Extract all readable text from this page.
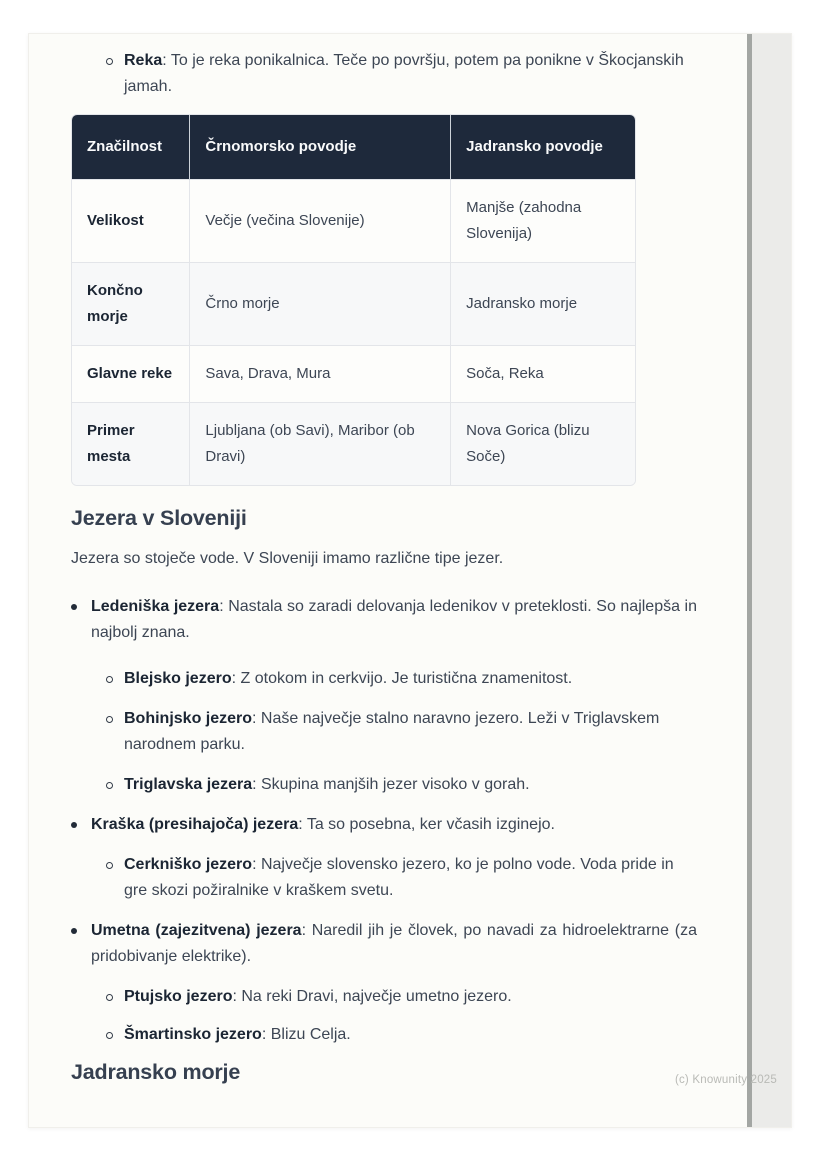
Reka: To je reka ponikalnica. Teče po površju, potem pa ponikne v Škocjanskih jamah.
Značilnost	Črnomorsko povodje	Jadransko povodje
Velikost	Večje (večina Slovenije)	Manjše (zahodna Slovenija)
Končno morje	Črno morje	Jadransko morje
Glavne reke	Sava, Drava, Mura	Soča, Reka
Primer mesta	Ljubljana (ob Savi), Maribor (ob Dravi)	Nova Gorica (blizu Soče)
Jezera v Sloveniji

Jezera so stoječe vode. V Sloveniji imamo različne tipe jezer.

Ledeniška jezera: Nastala so zaradi delovanja ledenikov v preteklosti. So najlepša in najbolj znana.
Blejsko jezero: Z otokom in cerkvijo. Je turistična znamenitost.
Bohinjsko jezero: Naše največje stalno naravno jezero. Leži v Triglavskem narodnem parku.
Triglavska jezera: Skupina manjših jezer visoko v gorah.
Kraška (presihajoča) jezera: Ta so posebna, ker včasih izginejo.
Cerkniško jezero: Največje slovensko jezero, ko je polno vode. Voda pride in gre skozi požiralnike v kraškem svetu.
Umetna (zajezitvena) jezera: Naredil jih je človek, po navadi za hidroelektrarne (za pridobivanje elektrike).
Ptujsko jezero: Na reki Dravi, največje umetno jezero.
Šmartinsko jezero: Blizu Celja.
Jadransko morje	(c) Knowunity 2025
